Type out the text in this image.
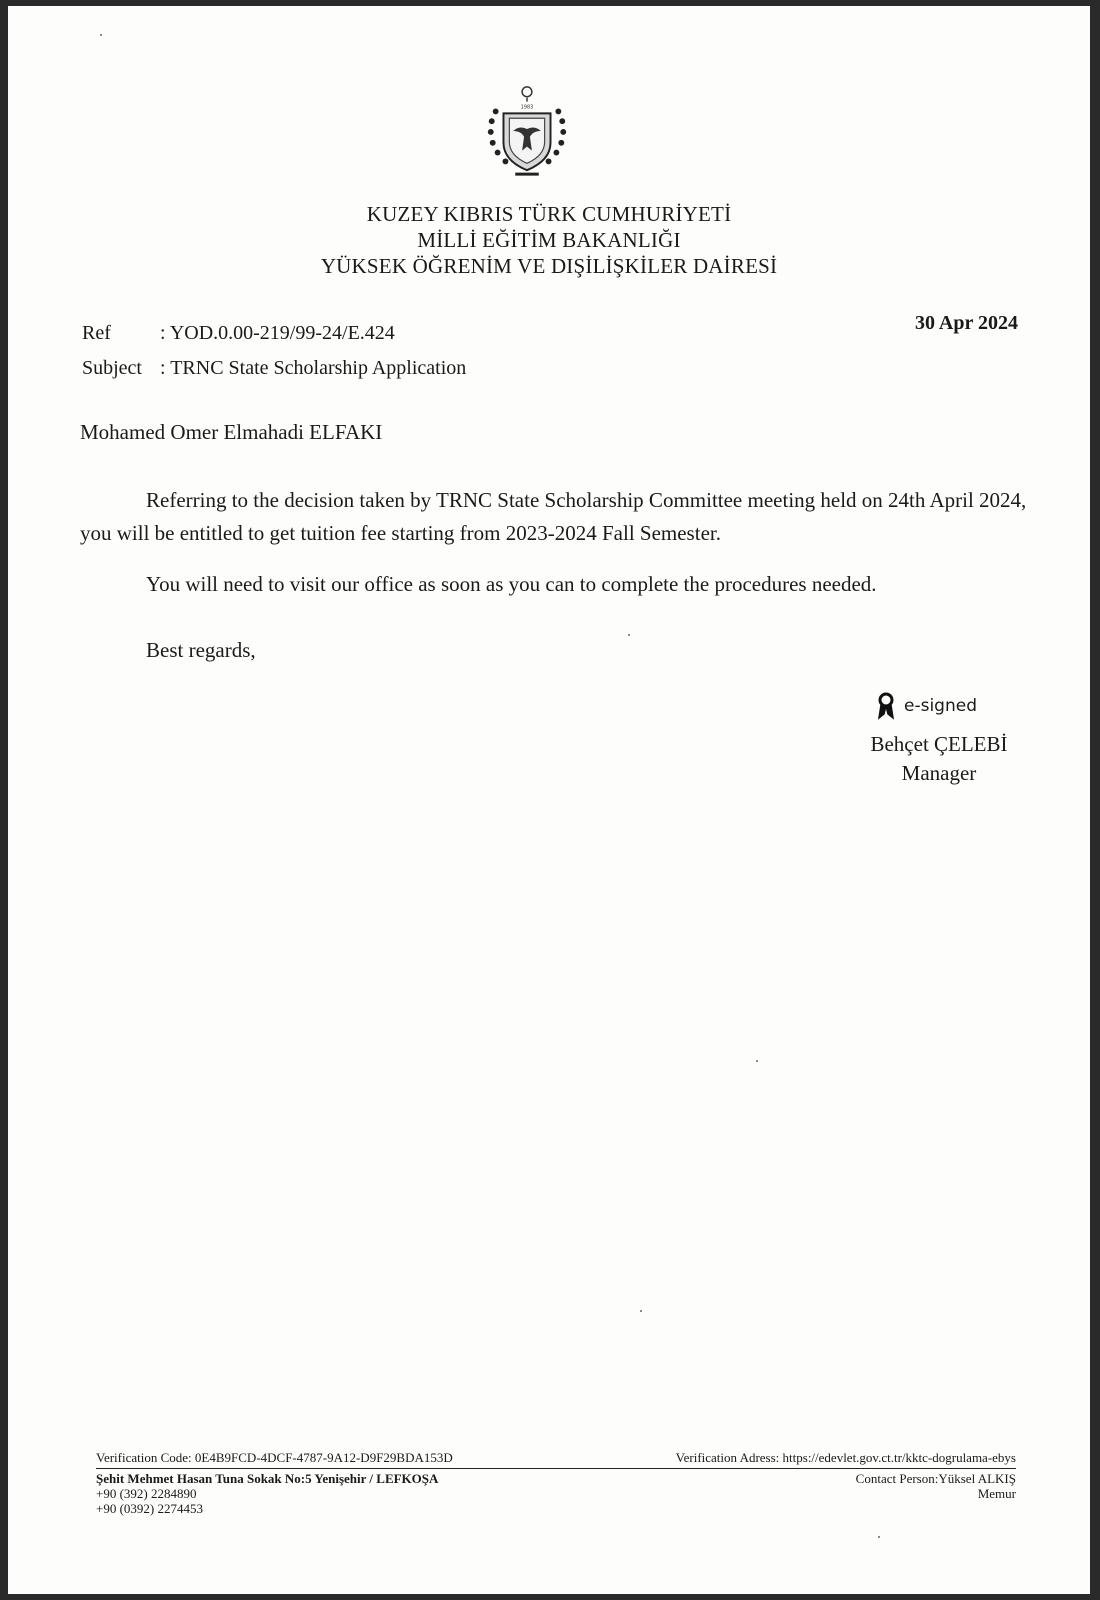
1983
KUZEY KIBRIS TÜRK CUMHURİYETİ
MİLLİ EĞİTİM BAKANLIĞI
YÜKSEK ÖĞRENİM VE DIŞİLİŞKİLER DAİRESİ
Ref	: YOD.0.00-219/99-24/E.424
Subject : TRNC State Scholarship Application
30 Apr 2024
Mohamed Omer Elmahadi ELFAKI
Referring to the decision taken by TRNC State Scholarship Committee meeting held on 24th April 2024, you will be entitled to get tuition fee starting from 2023-2024 Fall Semester.
You will need to visit our office as soon as you can to complete the procedures needed.
Best regards,
e-signed
Behçet ÇELEBİ
Manager
Verification Code: 0E4B9FCD-4DCF-4787-9A12-D9F29BDA153D	Verification Adress: https://edevlet.gov.ct.tr/kktc-dogrulama-ebys
Şehit Mehmet Hasan Tuna Sokak No:5 Yenişehir / LEFKOŞA
+90 (392) 2284890
+90 (0392) 2274453
Contact Person:Yüksel ALKIŞ
Memur
